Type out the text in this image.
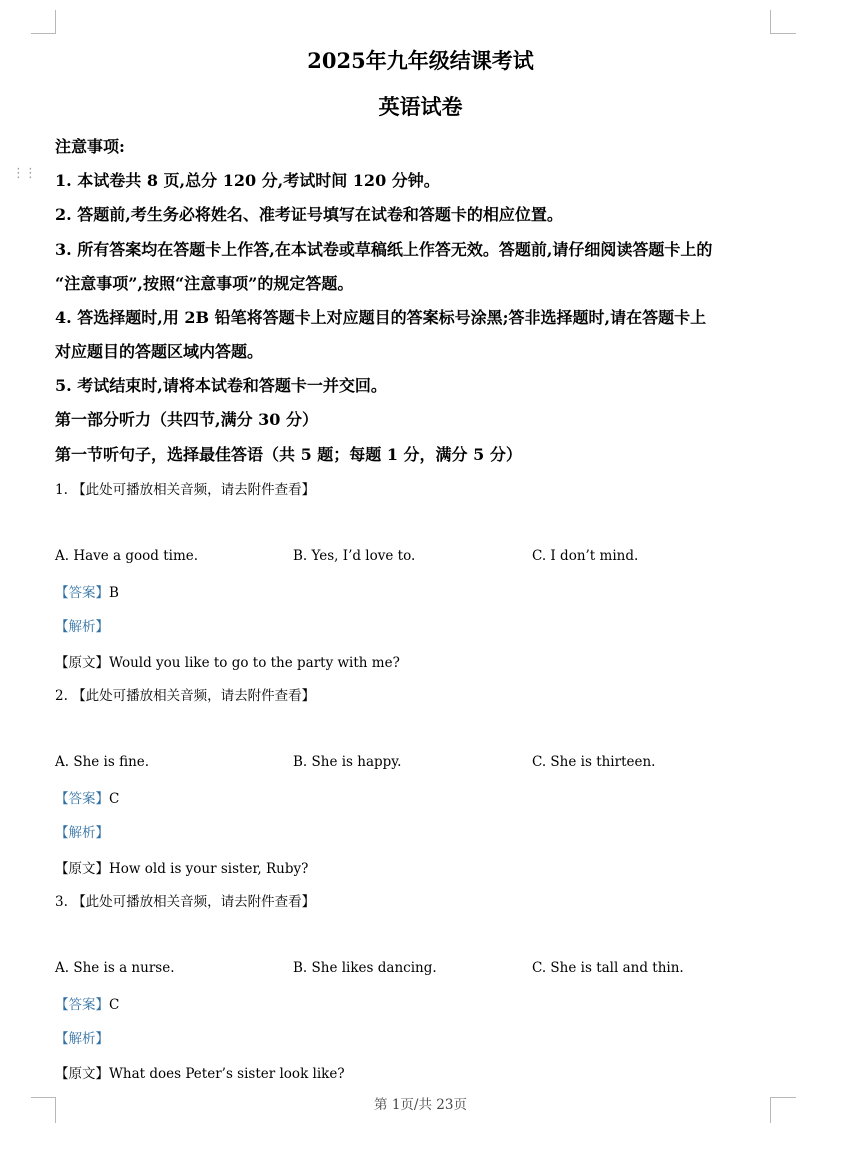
⋮⋮
2025年九年级结课考试
英语试卷
注意事项:
1. 本试卷共 8 页,总分 120 分,考试时间 120 分钟。
2. 答题前,考生务必将姓名、准考证号填写在试卷和答题卡的相应位置。
3. 所有答案均在答题卡上作答,在本试卷或草稿纸上作答无效。答题前,请仔细阅读答题卡上的
“注意事项”,按照“注意事项”的规定答题。
4. 答选择题时,用 2B 铅笔将答题卡上对应题目的答案标号涂黑;答非选择题时,请在答题卡上
对应题目的答题区域内答题。
5. 考试结束时,请将本试卷和答题卡一并交回。
第一部分听力（共四节,满分 30 分）
第一节听句子，选择最佳答语（共 5 题；每题 1 分，满分 5 分）
1. 【此处可播放相关音频，请去附件查看】
A. Have a good time.	B. Yes, I’d love to.	C. I don’t mind.
【答案】B
【解析】
【原文】Would you like to go to the party with me?
2. 【此处可播放相关音频，请去附件查看】
A. She is fine.	B. She is happy.	C. She is thirteen.
【答案】C
【解析】
【原文】How old is your sister, Ruby?
3. 【此处可播放相关音频，请去附件查看】
A. She is a nurse.	B. She likes dancing.	C. She is tall and thin.
【答案】C
【解析】
【原文】What does Peter’s sister look like?
第 1页/共 23页
